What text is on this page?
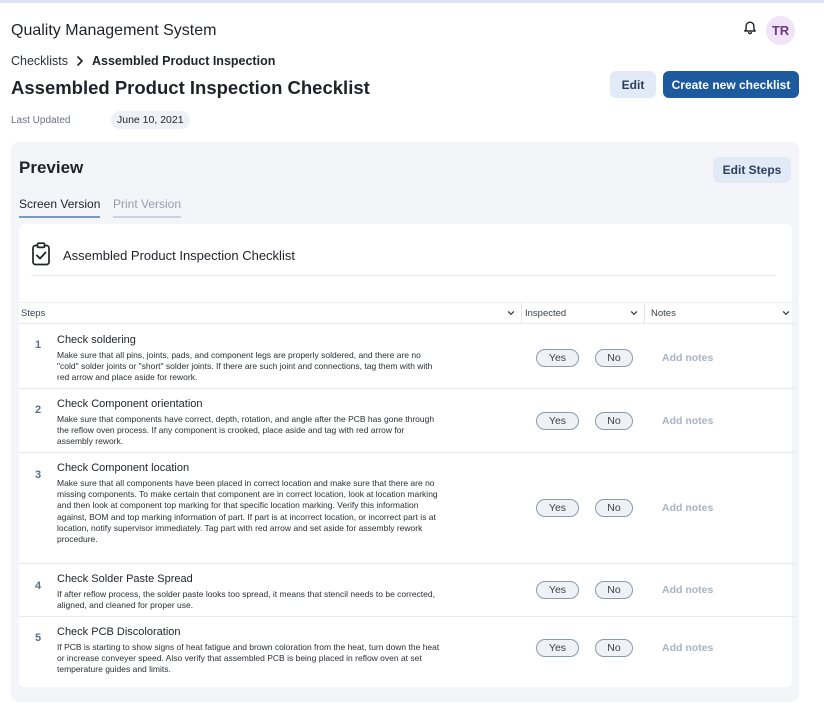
Quality Management System	TR
Checklists Assembled Product Inspection
Assembled Product Inspection Checklist	Edit	Create new checklist
Last Updated	June 10, 2021
Preview	Edit Steps
Screen Version Print Version
Assembled Product Inspection Checklist
Steps	Inspected	Notes
1 Check soldering

Make sure that all pins, joints, pads, and component legs are properly soldered, and there are no "cold" solder joints or "short" solder joints. If there are such joint and connections, tag them with with red arrow and place aside for rework.

Yes	No	Add notes
2 Check Component orientation

Make sure that components have correct, depth, rotation, and angle after the PCB has gone through the reflow oven process. If any component is crooked, place aside and tag with red arrow for assembly rework.

Yes	No	Add notes
3
Check Component location

Make sure that all components have been placed in correct location and make sure that there are no missing components. To make certain that component are in correct location, look at location marking and then look at component top marking for that specific location marking. Verify this information against, BOM and top marking information of part. If part is at incorrect location, or incorrect part is at location, notify supervisor immediately. Tag part with red arrow and set aside for assembly rework procedure.

Yes	No	Add notes
4
Check Solder Paste Spread

If after reflow process, the solder paste looks too spread, it means that stencil needs to be corrected, aligned, and cleaned for proper use.

Yes	No	Add notes
5 Check PCB Discoloration

If PCB is starting to show signs of heat fatigue and brown coloration from the heat, turn down the heat or increase conveyer speed. Also verify that assembled PCB is being placed in reflow oven at set temperature guides and limits.

Yes	No	Add notes
